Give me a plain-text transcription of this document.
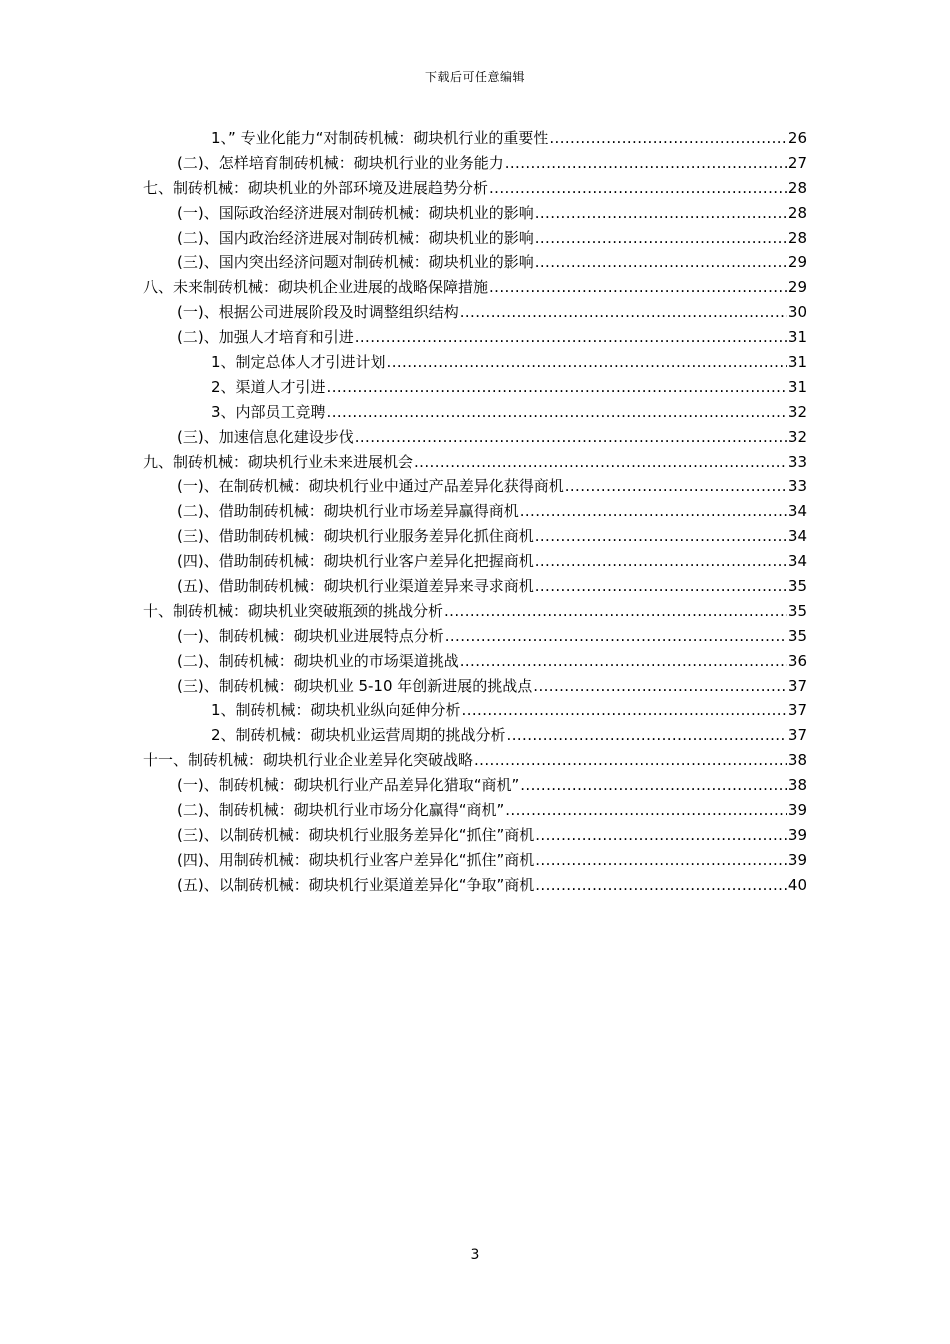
下载后可任意编辑
1、” 专业化能力“对制砖机械：砌块机行业的重要性 .....	26
(二)、怎样培育制砖机械：砌块机行业的业务能力 .....	27
七、制砖机械：砌块机业的外部环境及进展趋势分析 .....	28
(一)、国际政治经济进展对制砖机械：砌块机业的影响 .....	28
(二)、国内政治经济进展对制砖机械：砌块机业的影响 .....	28
(三)、国内突出经济问题对制砖机械：砌块机业的影响 .....	29
八、未来制砖机械：砌块机企业进展的战略保障措施 .....	29
(一)、根据公司进展阶段及时调整组织结构 .....	30
(二)、加强人才培育和引进 .....	31
1、制定总体人才引进计划 .....	31
2、渠道人才引进 .....	31
3、内部员工竞聘 .....	32
(三)、加速信息化建设步伐 .....	32
九、制砖机械：砌块机行业未来进展机会 .....	33
(一)、在制砖机械：砌块机行业中通过产品差异化获得商机 .....	33
(二)、借助制砖机械：砌块机行业市场差异赢得商机 .....	34
(三)、借助制砖机械：砌块机行业服务差异化抓住商机 .....	34
(四)、借助制砖机械：砌块机行业客户差异化把握商机 .....	34
(五)、借助制砖机械：砌块机行业渠道差异来寻求商机 .....	35
十、制砖机械：砌块机业突破瓶颈的挑战分析 .....	35
(一)、制砖机械：砌块机业进展特点分析 .....	35
(二)、制砖机械：砌块机业的市场渠道挑战 .....	36
(三)、制砖机械：砌块机业 5-10 年创新进展的挑战点 .....	37
1、制砖机械：砌块机业纵向延伸分析 .....	37
2、制砖机械：砌块机业运营周期的挑战分析 .....	37
十一、制砖机械：砌块机行业企业差异化突破战略 .....	38
(一)、制砖机械：砌块机行业产品差异化猎取“商机” .....	38
(二)、制砖机械：砌块机行业市场分化赢得“商机” .....	39
(三)、以制砖机械：砌块机行业服务差异化“抓住”商机 .....	39
(四)、用制砖机械：砌块机行业客户差异化“抓住”商机 .....	39
(五)、以制砖机械：砌块机行业渠道差异化“争取”商机 .....	40
3
